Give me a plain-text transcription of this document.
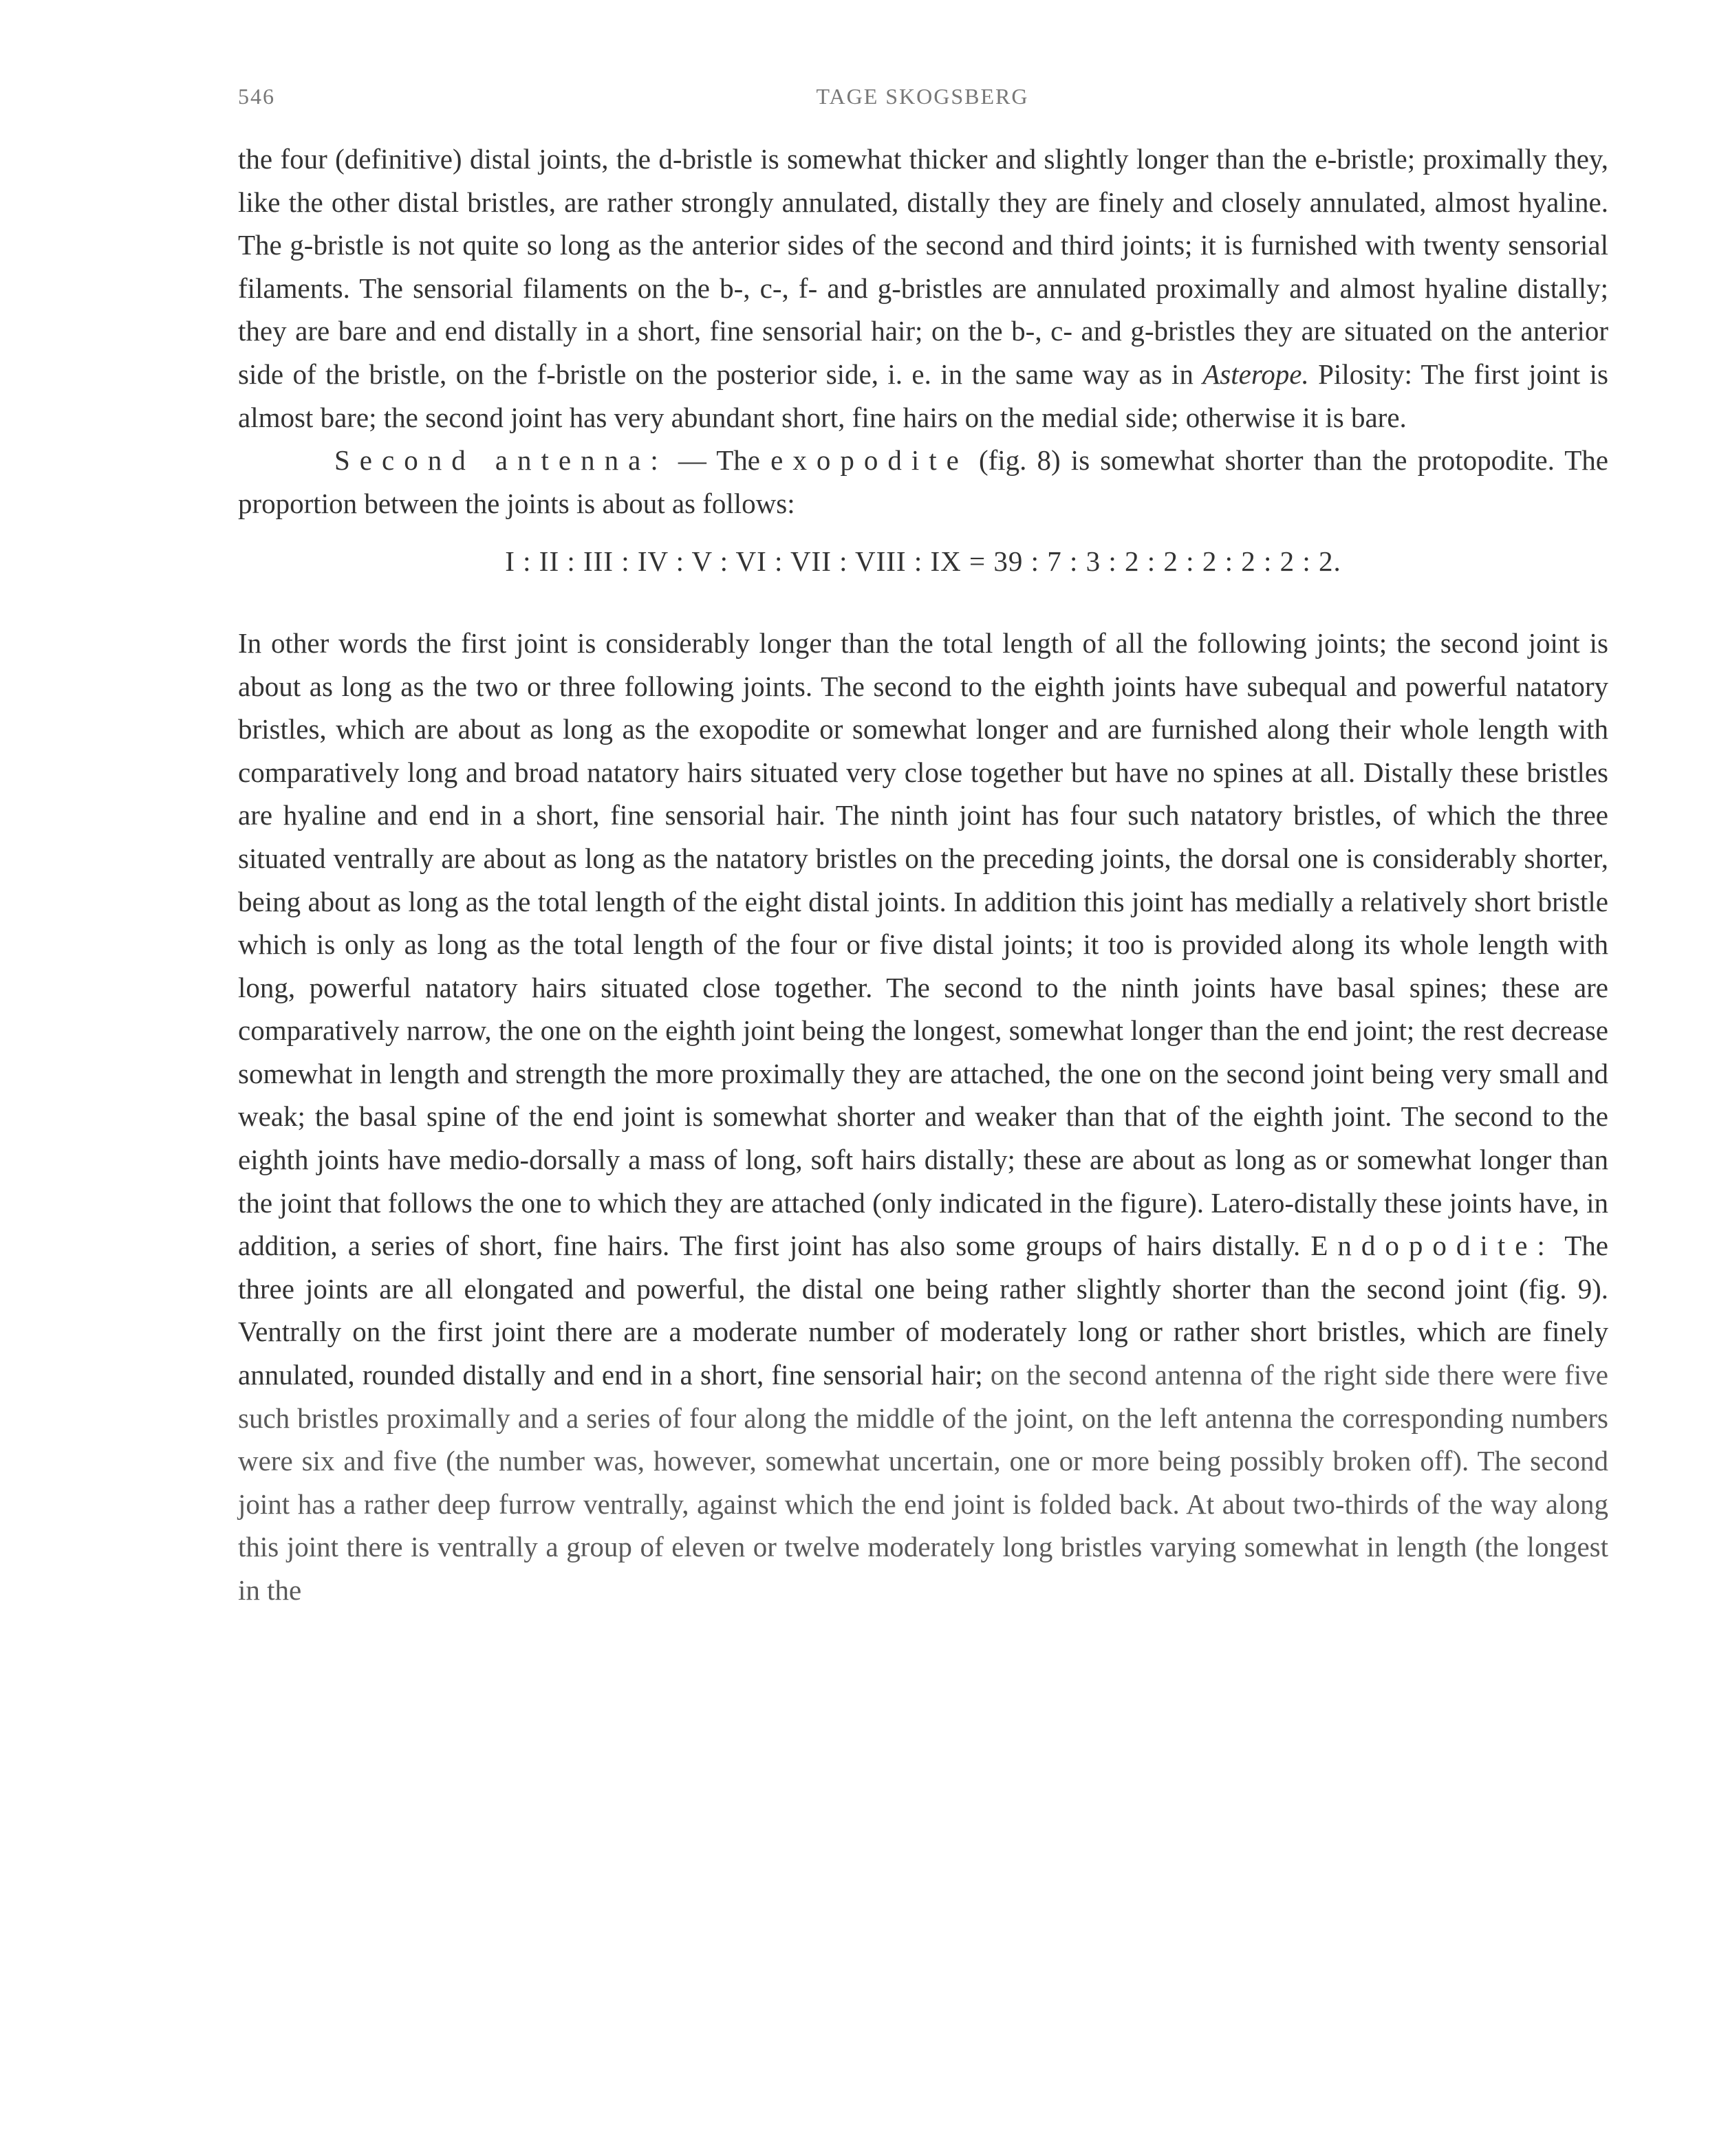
546	TAGE SKOGSBERG

the four (definitive) distal joints, the d-bristle is somewhat thicker and slightly longer than the e-bristle; proximally they, like the other distal bristles, are rather strongly annulated, distally they are finely and closely annulated, almost hyaline. The g-bristle is not quite so long as the anterior sides of the second and third joints; it is furnished with twenty sensorial filaments. The sensorial filaments on the b-, c-, f- and g-bristles are annulated proximally and almost hyaline distally; they are bare and end distally in a short, fine sensorial hair; on the b-, c- and g-bristles they are situated on the anterior side of the bristle, on the f-bristle on the posterior side, i. e. in the same way as in Asterope. Pilosity: The first joint is almost bare; the second joint has very abundant short, fine hairs on the medial side; otherwise it is bare.

Second antenna: — The exopodite (fig. 8) is somewhat shorter than the protopodite. The proportion between the joints is about as follows:

I : II : III : IV : V : VI : VII : VIII : IX = 39 : 7 : 3 : 2 : 2 : 2 : 2 : 2 : 2.

In other words the first joint is considerably longer than the total length of all the following joints; the second joint is about as long as the two or three following joints. The second to the eighth joints have subequal and powerful natatory bristles, which are about as long as the exopodite or somewhat longer and are furnished along their whole length with comparatively long and broad natatory hairs situated very close together but have no spines at all. Distally these bristles are hyaline and end in a short, fine sensorial hair. The ninth joint has four such natatory bristles, of which the three situated ventrally are about as long as the natatory bristles on the preceding joints, the dorsal one is considerably shorter, being about as long as the total length of the eight distal joints. In addition this joint has medially a relatively short bristle which is only as long as the total length of the four or five distal joints; it too is provided along its whole length with long, powerful natatory hairs situated close together. The second to the ninth joints have basal spines; these are comparatively narrow, the one on the eighth joint being the longest, somewhat longer than the end joint; the rest decrease somewhat in length and strength the more proximally they are attached, the one on the second joint being very small and weak; the basal spine of the end joint is somewhat shorter and weaker than that of the eighth joint. The second to the eighth joints have medio-dorsally a mass of long, soft hairs distally; these are about as long as or somewhat longer than the joint that follows the one to which they are attached (only indicated in the figure). Latero-distally these joints have, in addition, a series of short, fine hairs. The first joint has also some groups of hairs distally. Endopodite: The three joints are all elongated and powerful, the distal one being rather slightly shorter than the second joint (fig. 9). Ventrally on the first joint there are a moderate number of moderately long or rather short bristles, which are finely annulated, rounded distally and end in a short, fine sensorial hair; on the second antenna of the right side there were five such bristles proximally and a series of four along the middle of the joint, on the left antenna the corresponding numbers were six and five (the number was, however, somewhat uncertain, one or more being possibly broken off). The second joint has a rather deep furrow ventrally, against which the end joint is folded back. At about two-thirds of the way along this joint there is ventrally a group of eleven or twelve moderately long bristles varying somewhat in length (the longest in the
